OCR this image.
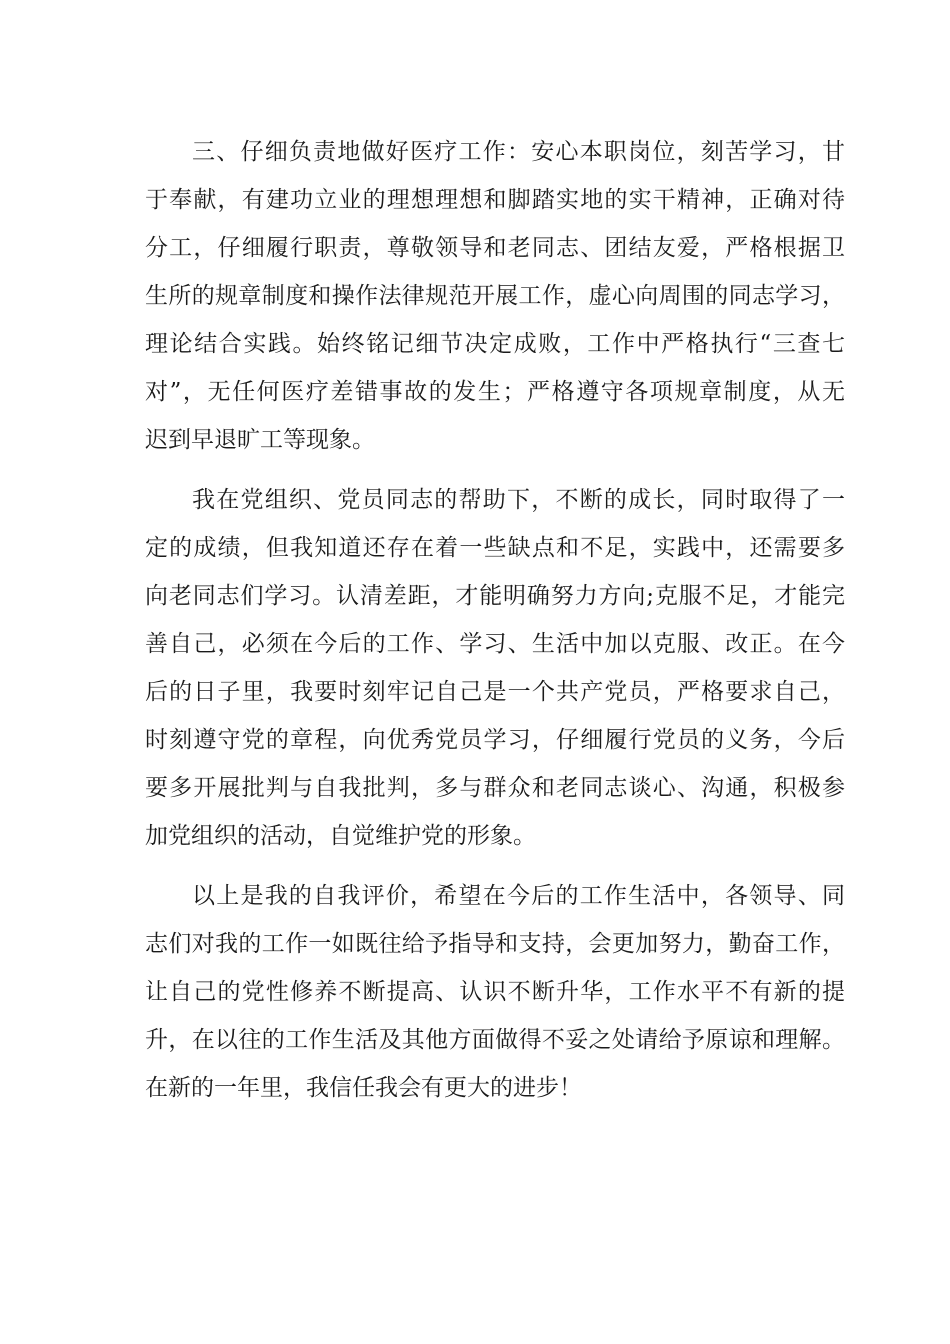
三、仔细负责地做好医疗工作：安心本职岗位，刻苦学习，甘
于奉献，有建功立业的理想理想和脚踏实地的实干精神，正确对待
分工，仔细履行职责，尊敬领导和老同志、团结友爱，严格根据卫
生所的规章制度和操作法律规范开展工作，虚心向周围的同志学习，
理论结合实践。始终铭记细节决定成败，工作中严格执行“三查七
对”，无任何医疗差错事故的发生；严格遵守各项规章制度，从无
迟到早退旷工等现象。
我在党组织、党员同志的帮助下，不断的成长，同时取得了一
定的成绩，但我知道还存在着一些缺点和不足，实践中，还需要多
向老同志们学习。认清差距，才能明确努力方向;克服不足，才能完
善自己，必须在今后的工作、学习、生活中加以克服、改正。在今
后的日子里，我要时刻牢记自己是一个共产党员，严格要求自己，
时刻遵守党的章程，向优秀党员学习，仔细履行党员的义务，今后
要多开展批判与自我批判，多与群众和老同志谈心、沟通，积极参
加党组织的活动，自觉维护党的形象。
以上是我的自我评价，希望在今后的工作生活中，各领导、同
志们对我的工作一如既往给予指导和支持，会更加努力，勤奋工作，
让自己的党性修养不断提高、认识不断升华，工作水平不有新的提
升，在以往的工作生活及其他方面做得不妥之处请给予原谅和理解。
在新的一年里，我信任我会有更大的进步！
